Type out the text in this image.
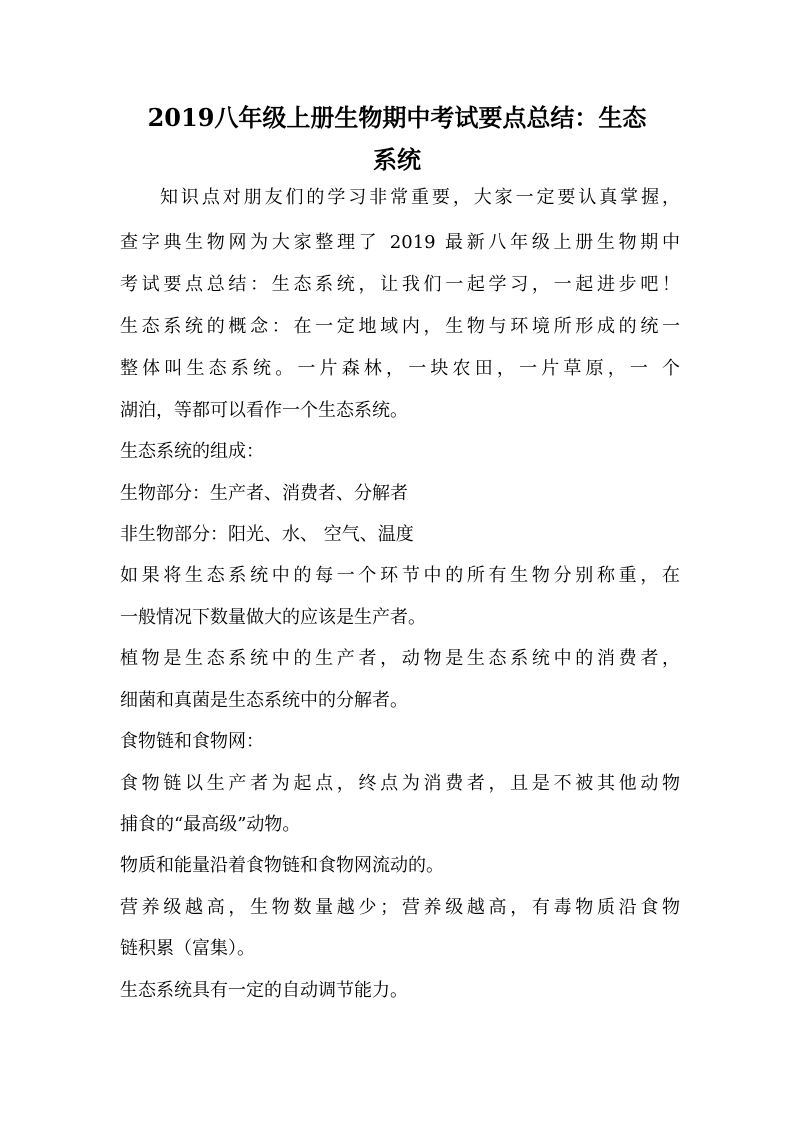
2019八年级上册生物期中考试要点总结：生态
系统

知识点对朋友们的学习非常重要，大家一定要认真掌握，

查字典生物网为大家整理了 2019 最新八年级上册生物期中

考试要点总结：生态系统，让我们一起学习，一起进步吧！

生态系统的概念：在一定地域内，生物与环境所形成的统一

整体叫生态系统。一片森林，一块农田，一片草原，一 个

湖泊，等都可以看作一个生态系统。

生态系统的组成：

生物部分：生产者、消费者、分解者

非生物部分：阳光、水、 空气、温度

如果将生态系统中的每一个环节中的所有生物分别称重，在

一般情况下数量做大的应该是生产者。

植物是生态系统中的生产者，动物是生态系统中的消费者，

细菌和真菌是生态系统中的分解者。

食物链和食物网：

食物链以生产者为起点，终点为消费者，且是不被其他动物

捕食的“最高级”动物。

物质和能量沿着食物链和食物网流动的。

营养级越高，生物数量越少；营养级越高，有毒物质沿食物

链积累（富集）。

生态系统具有一定的自动调节能力。
